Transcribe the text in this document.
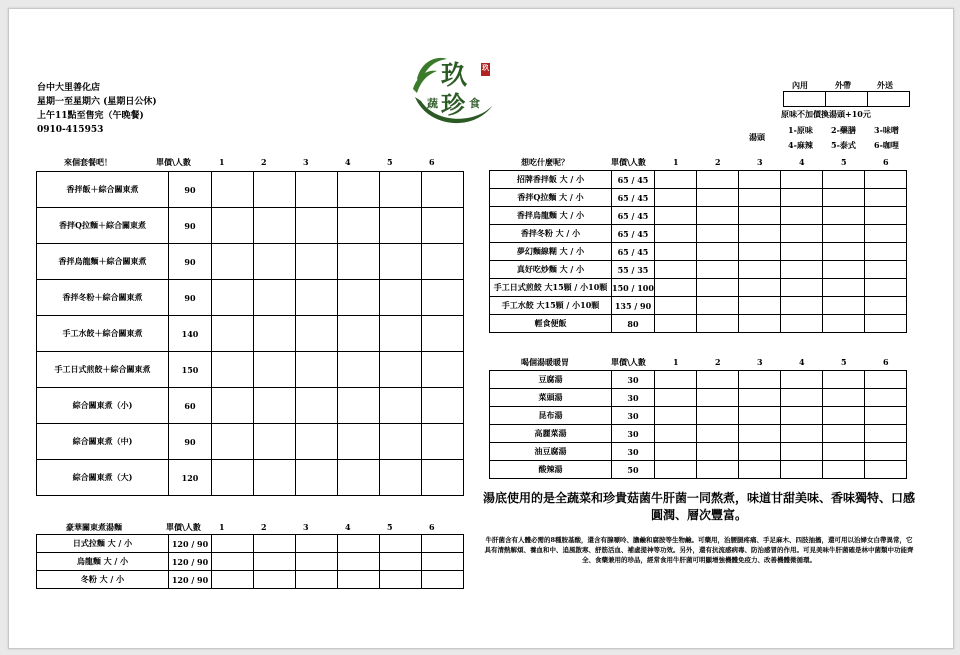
台中大里善化店
星期一至星期六 (星期日公休)
上午11點至售完（午晚餐)
0910-415953
玖
蔬 珍 食
玖
內用	外帶	外送

原味不加價換湯頭+10元
湯頭
1-原味 2-藥膳 3-味噌
4-麻辣 5-泰式 6-咖哩
來個套餐吧！	單價\人數	1	2	3	4	5	6
香拌飯＋綜合關東煮	90						
香拌Q拉麵＋綜合關東煮	90						
香拌烏龍麵＋綜合關東煮	90						
香拌冬粉＋綜合關東煮	90						
手工水餃＋綜合關東煮	140						
手工日式煎餃＋綜合關東煮	150						
綜合關東煮（小)	60						
綜合關東煮（中)	90						
綜合關東煮（大)	120						
豪華關東煮湯麵	單價\人數 1	2	3	4	5	6
日式拉麵 大 / 小	120 / 90						
烏龍麵 大 / 小	120 / 90						
冬粉 大 / 小	120 / 90						
想吃什麼呢？	單價\人數	1	2	3	4	5	6
招牌香拌飯 大 / 小	65 / 45						
香拌Q拉麵 大 / 小	65 / 45						
香拌烏龍麵 大 / 小	65 / 45						
香拌冬粉 大 / 小	65 / 45						
夢幻麵線糊 大 / 小	65 / 45						
真好吃炒麵 大 / 小	55 / 35						
手工日式煎餃 大15顆 / 小10顆	150 / 100						
手工水餃 大15顆 / 小10顆	135 / 90						
輕食便飯	80						
喝個湯暖暖胃	單價\人數	1	2	3	4	5	6
豆腐湯	30						
菜頭湯	30						
昆布湯	30						
高麗菜湯	30						
油豆腐湯	30						
酸辣湯	50						
湯底使用的是全蔬菜和珍貴菇菌牛肝菌一同熬煮，味道甘甜美味、香味獨特、口感圓潤、層次豐富。
牛肝菌含有人體必需的8種胺基酸，還含有腺嘌呤、膽鹼和腐胺等生物鹼。可藥用，治腰腿疼痛、手足麻木、四肢抽搐，還可用以治婦女白帶異常，它具有清熱解煩、養血和中、追風散寒、舒筋活血、補虛提神等功效。另外，還有抗流感病毒、防治感冒的作用。可見美味牛肝菌確是林中菌類中功能齊全、食藥兼用的珍品，經常食用牛肝菌可明顯增強機體免疫力、改善機體微循環。
